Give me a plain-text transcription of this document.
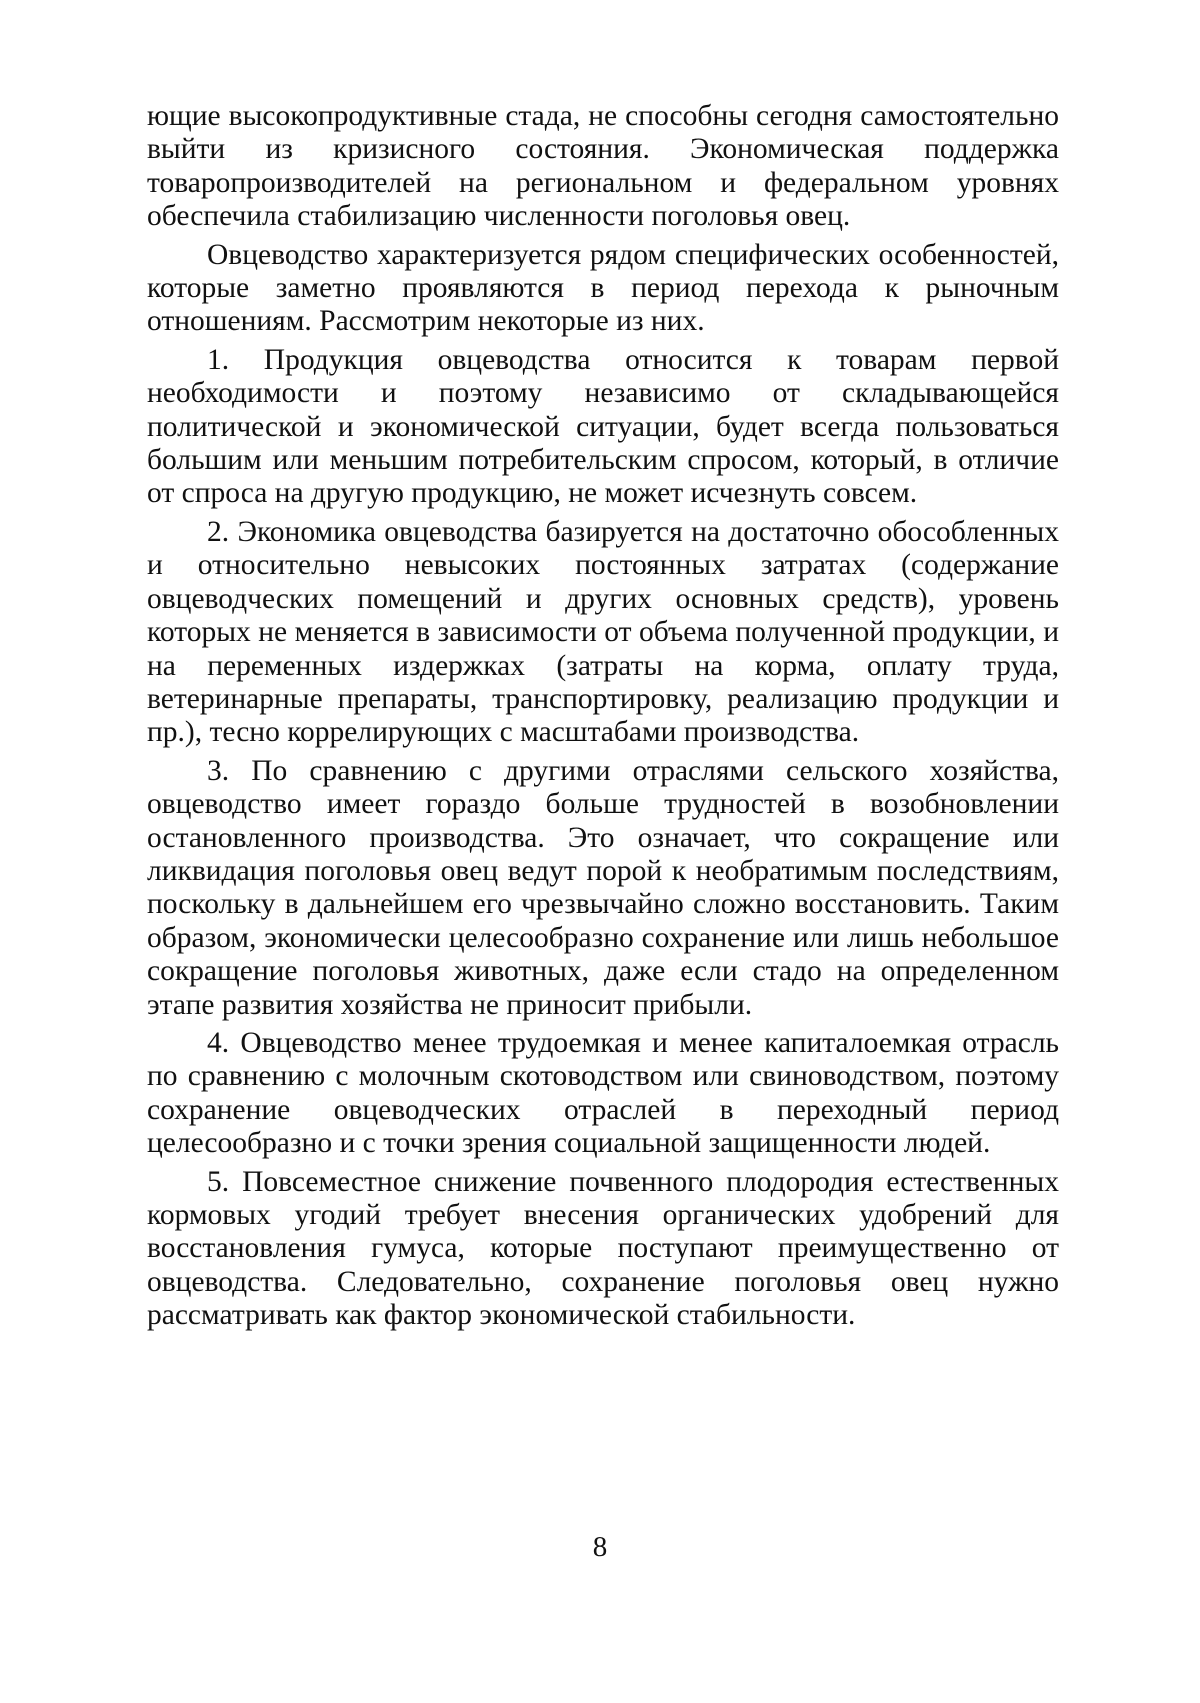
ющие высокопродуктивные стада, не способны сегодня самостоятельно выйти из кризисного состояния. Экономическая поддержка товаропроизводителей на региональном и федеральном уровнях обеспечила стабилизацию численности поголовья овец.

Овцеводство характеризуется рядом специфических особенностей, которые заметно проявляются в период перехода к рыночным отношениям. Рассмотрим некоторые из них.

1. Продукция овцеводства относится к товарам первой необходимости и поэтому независимо от складывающейся политической и экономической ситуации, будет всегда пользоваться большим или меньшим потребительским спросом, который, в отличие от спроса на другую продукцию, не может исчезнуть совсем.

2. Экономика овцеводства базируется на достаточно обособленных и относительно невысоких постоянных затратах (содержание овцеводческих помещений и других основных средств), уровень которых не меняется в зависимости от объема полученной продукции, и на переменных издержках (затраты на корма, оплату труда, ветеринарные препараты, транспортировку, реализацию продукции и пр.), тесно коррелирующих с масштабами производства.

3. По сравнению с другими отраслями сельского хозяйства, овцеводство имеет гораздо больше трудностей в возобновлении остановленного производства. Это означает, что сокращение или ликвидация поголовья овец ведут порой к необратимым последствиям, поскольку в дальнейшем его чрезвычайно сложно восстановить. Таким образом, экономически целесообразно сохранение или лишь небольшое сокращение поголовья животных, даже если стадо на определенном этапе развития хозяйства не приносит прибыли.

4. Овцеводство менее трудоемкая и менее капиталоемкая отрасль по сравнению с молочным скотоводством или свиноводством, поэтому сохранение овцеводческих отраслей в переходный период целесообразно и с точки зрения социальной защищенности людей.

5. Повсеместное снижение почвенного плодородия естественных кормовых угодий требует внесения органических удобрений для восстановления гумуса, которые поступают преимущественно от овцеводства. Следовательно, сохранение поголовья овец нужно рассматривать как фактор экономической стабильности.

8
